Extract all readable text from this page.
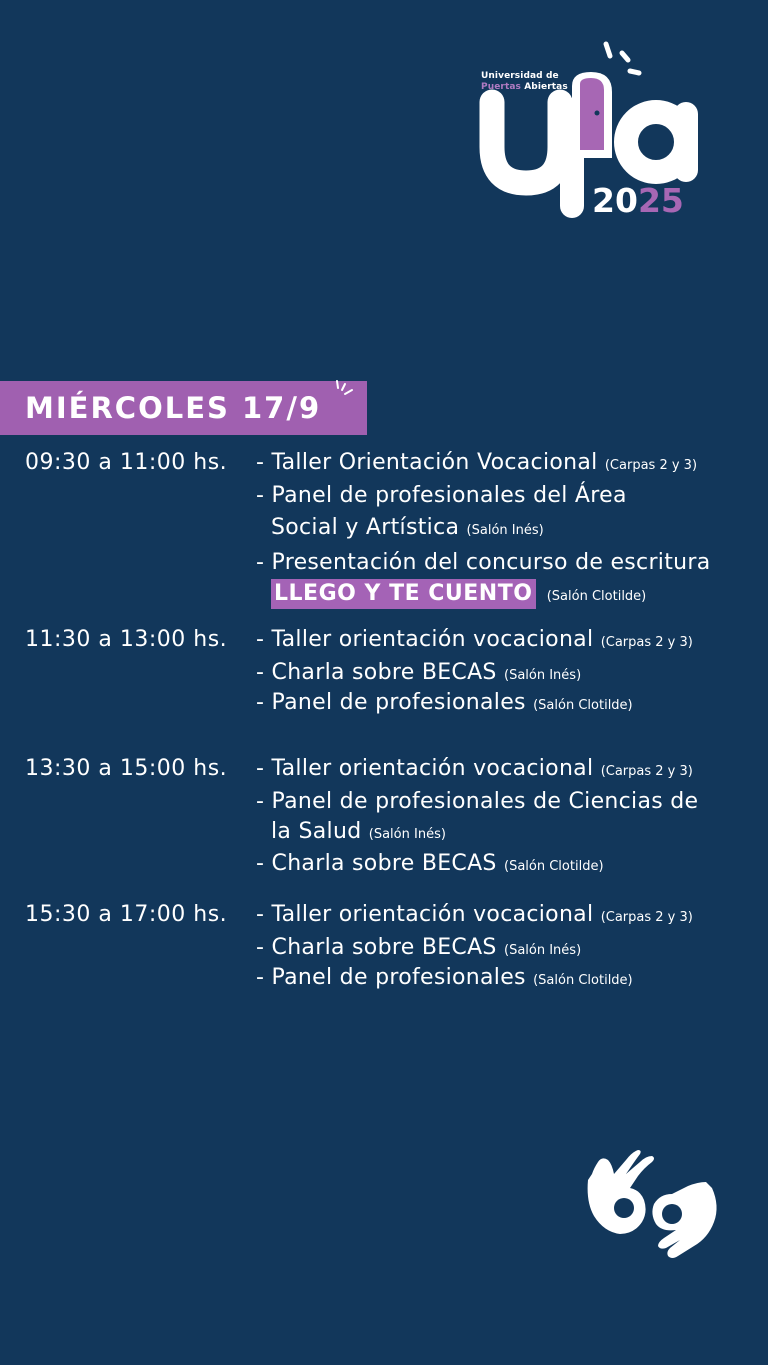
Universidad de
Puertas Abiertas
2025
MIÉRCOLES 17/9
09:30 a 11:00 hs. - Taller Orientación Vocacional (Carpas 2 y 3)
- Panel de profesionales del Área
Social y Artística (Salón Inés)
- Presentación del concurso de escritura
LLEGO Y TE CUENTO (Salón Clotilde)
11:30 a 13:00 hs. - Taller orientación vocacional (Carpas 2 y 3)
- Charla sobre BECAS (Salón Inés)
- Panel de profesionales (Salón Clotilde)
13:30 a 15:00 hs. - Taller orientación vocacional (Carpas 2 y 3)
- Panel de profesionales de Ciencias de
la Salud (Salón Inés)
- Charla sobre BECAS (Salón Clotilde)
15:30 a 17:00 hs. - Taller orientación vocacional (Carpas 2 y 3)
- Charla sobre BECAS (Salón Inés)
- Panel de profesionales (Salón Clotilde)
